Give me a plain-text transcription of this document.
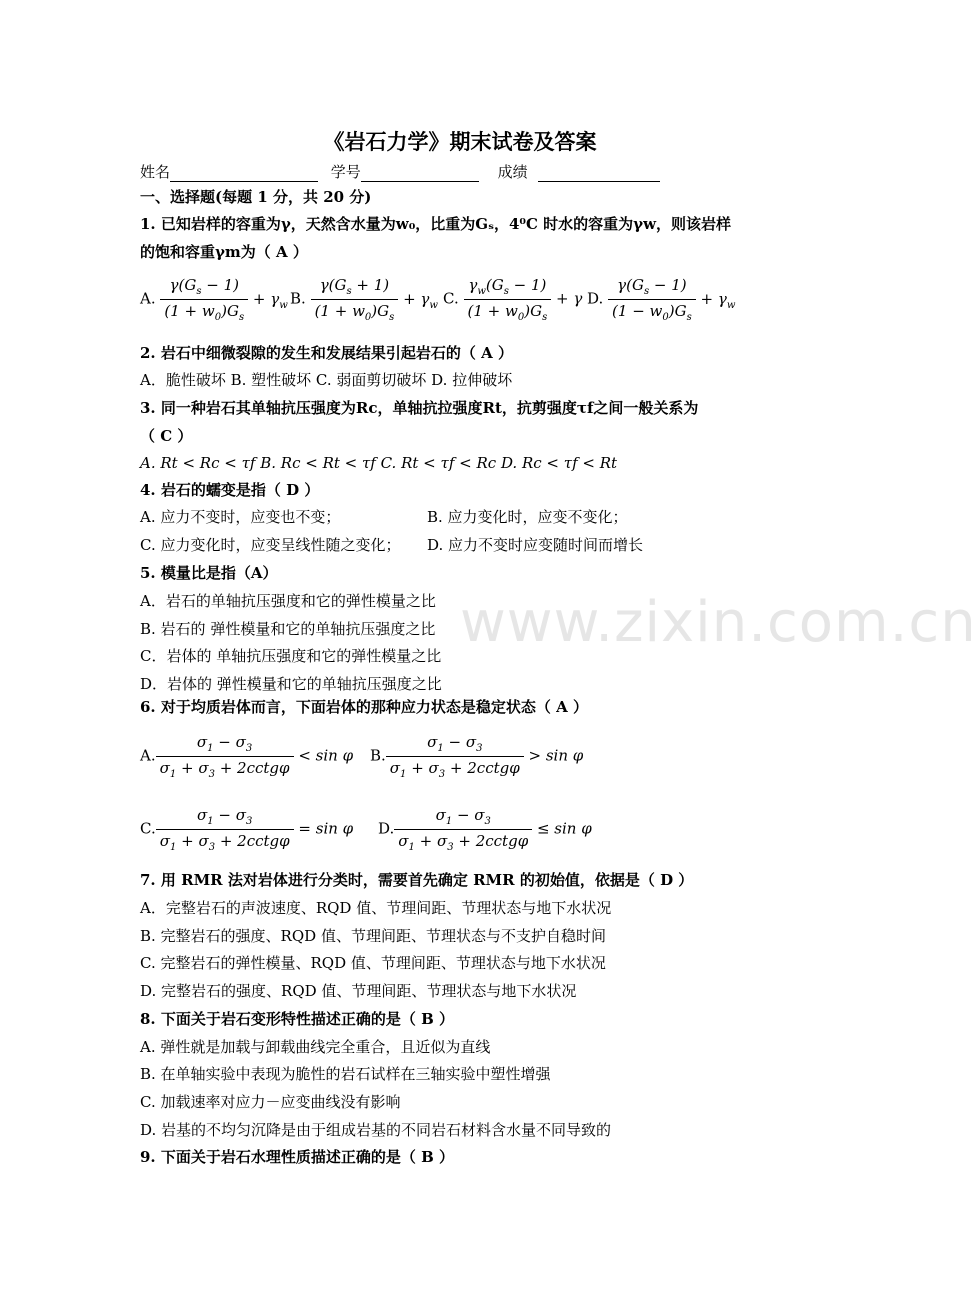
www.zixin.com.cn
《岩石力学》期末试卷及答案
姓名	学号	成绩
一、选择题(每题 1 分，共 20 分)
1. 已知岩样的容重为γ，天然含水量为w₀，比重为Gₛ，4⁰C 时水的容重为γw，则该岩样
的饱和容重γm为（ A ）
A. $\frac{\gamma(G_s - 1)}{(1 + w_0)G_s} + \gamma_w$ B. $\frac{\gamma(G_s + 1)}{(1 + w_0)G_s} + \gamma_w$ C. $\frac{\gamma_w(G_s - 1)}{(1 + w_0)G_s} + \gamma$ D. $\frac{\gamma(G_s - 1)}{(1 - w_0)G_s} + \gamma_w$
2. 岩石中细微裂隙的发生和发展结果引起岩石的（ A ）
A．脆性破坏 B. 塑性破坏 C. 弱面剪切破坏 D. 拉伸破坏
3. 同一种岩石其单轴抗压强度为Rc，单轴抗拉强度Rt，抗剪强度τf之间一般关系为
（ C ）
A. Rt < Rc < τf B. Rc < Rt < τf C. Rt < τf < Rc D. Rc < τf < Rt
4. 岩石的蠕变是指（ D ）
A. 应力不变时，应变也不变；	B. 应力变化时，应变不变化；
C. 应力变化时，应变呈线性随之变化； D. 应力不变时应变随时间而增长
5. 模量比是指（A）
A．岩石的单轴抗压强度和它的弹性模量之比
B. 岩石的 弹性模量和它的单轴抗压强度之比
C．岩体的 单轴抗压强度和它的弹性模量之比
D．岩体的 弹性模量和它的单轴抗压强度之比
6. 对于均质岩体而言，下面岩体的那种应力状态是稳定状态（ A ）
A. $\frac{\sigma_1 - \sigma_3}{\sigma_1 + \sigma_3 + 2cctg\varphi} < \sin \varphi$ B. $\frac{\sigma_1 - \sigma_3}{\sigma_1 + \sigma_3 + 2cctg\varphi} > \sin \varphi$
C. $\frac{\sigma_1 - \sigma_3}{\sigma_1 + \sigma_3 + 2cctg\varphi} = \sin \varphi$ D. $\frac{\sigma_1 - \sigma_3}{\sigma_1 + \sigma_3 + 2cctg\varphi} \le \sin \varphi$
7. 用 RMR 法对岩体进行分类时，需要首先确定 RMR 的初始值，依据是（ D ）
A．完整岩石的声波速度、RQD 值、节理间距、节理状态与地下水状况
B. 完整岩石的强度、RQD 值、节理间距、节理状态与不支护自稳时间
C. 完整岩石的弹性模量、RQD 值、节理间距、节理状态与地下水状况
D. 完整岩石的强度、RQD 值、节理间距、节理状态与地下水状况
8. 下面关于岩石变形特性描述正确的是（ B ）
A. 弹性就是加载与卸载曲线完全重合，且近似为直线
B. 在单轴实验中表现为脆性的岩石试样在三轴实验中塑性增强
C. 加载速率对应力－应变曲线没有影响
D. 岩基的不均匀沉降是由于组成岩基的不同岩石材料含水量不同导致的
9. 下面关于岩石水理性质描述正确的是（ B ）
